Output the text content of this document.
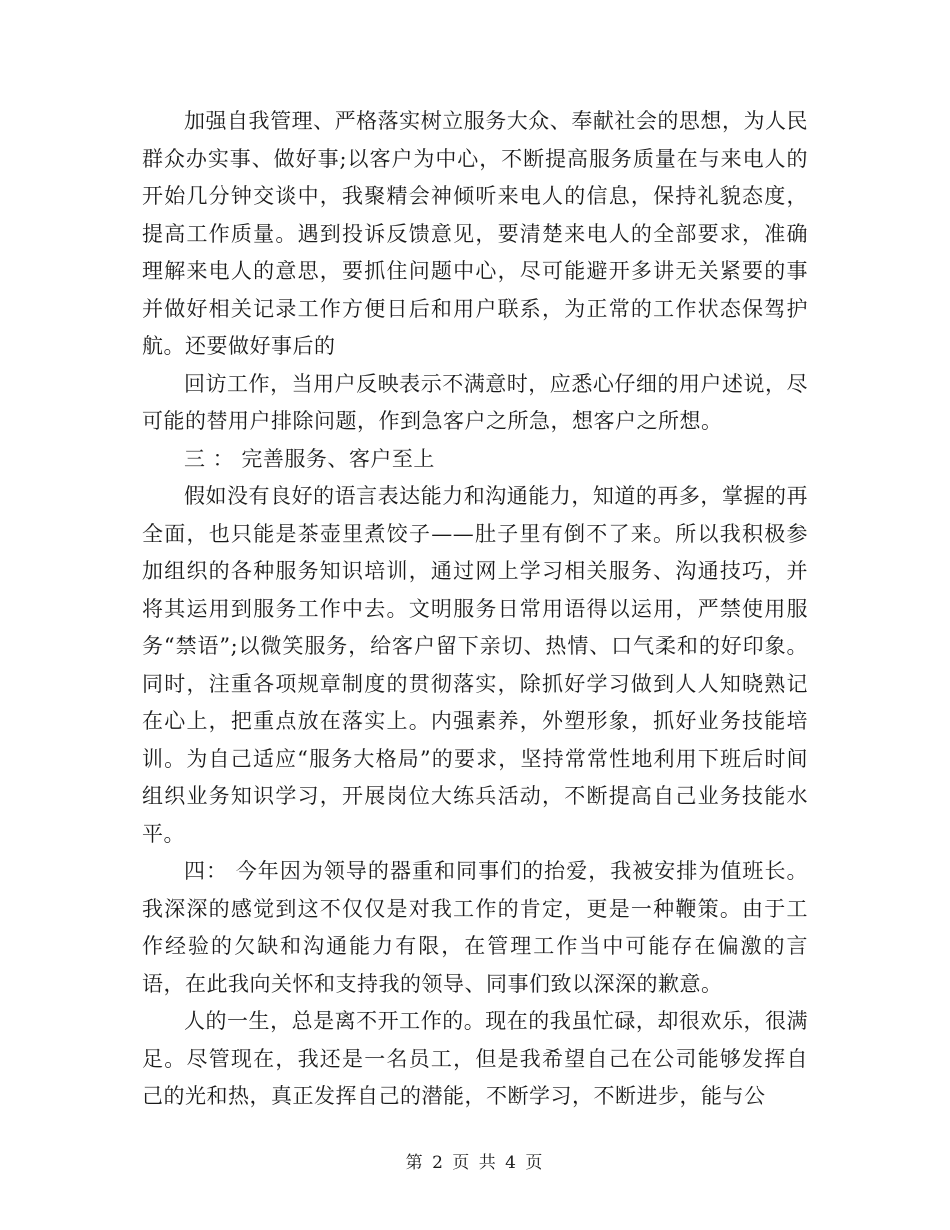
加强自我管理、严格落实树立服务大众、奉献社会的思想，为人民群众办实事、做好事;以客户为中心，不断提高服务质量在与来电人的开始几分钟交谈中，我聚精会神倾听来电人的信息，保持礼貌态度，提高工作质量。遇到投诉反馈意见，要清楚来电人的全部要求，准确理解来电人的意思，要抓住问题中心，尽可能避开多讲无关紧要的事并做好相关记录工作方便日后和用户联系，为正常的工作状态保驾护航。还要做好事后的

回访工作，当用户反映表示不满意时，应悉心仔细的用户述说，尽可能的替用户排除问题，作到急客户之所急，想客户之所想。

三 ： 完善服务、客户至上

假如没有良好的语言表达能力和沟通能力，知道的再多，掌握的再全面，也只能是茶壶里煮饺子——肚子里有倒不了来。所以我积极参加组织的各种服务知识培训，通过网上学习相关服务、沟通技巧，并将其运用到服务工作中去。文明服务日常用语得以运用，严禁使用服务“禁语”;以微笑服务，给客户留下亲切、热情、口气柔和的好印象。同时，注重各项规章制度的贯彻落实，除抓好学习做到人人知晓熟记在心上，把重点放在落实上。内强素养，外塑形象，抓好业务技能培训。为自己适应“服务大格局”的要求，坚持常常性地利用下班后时间组织业务知识学习，开展岗位大练兵活动，不断提高自己业务技能水平。

四： 今年因为领导的器重和同事们的抬爱，我被安排为值班长。我深深的感觉到这不仅仅是对我工作的肯定，更是一种鞭策。由于工作经验的欠缺和沟通能力有限，在管理工作当中可能存在偏激的言语，在此我向关怀和支持我的领导、同事们致以深深的歉意。

人的一生，总是离不开工作的。现在的我虽忙碌，却很欢乐，很满足。尽管现在，我还是一名员工，但是我希望自己在公司能够发挥自己的光和热，真正发挥自己的潜能，不断学习，不断进步，能与公

第 2 页 共 4 页
